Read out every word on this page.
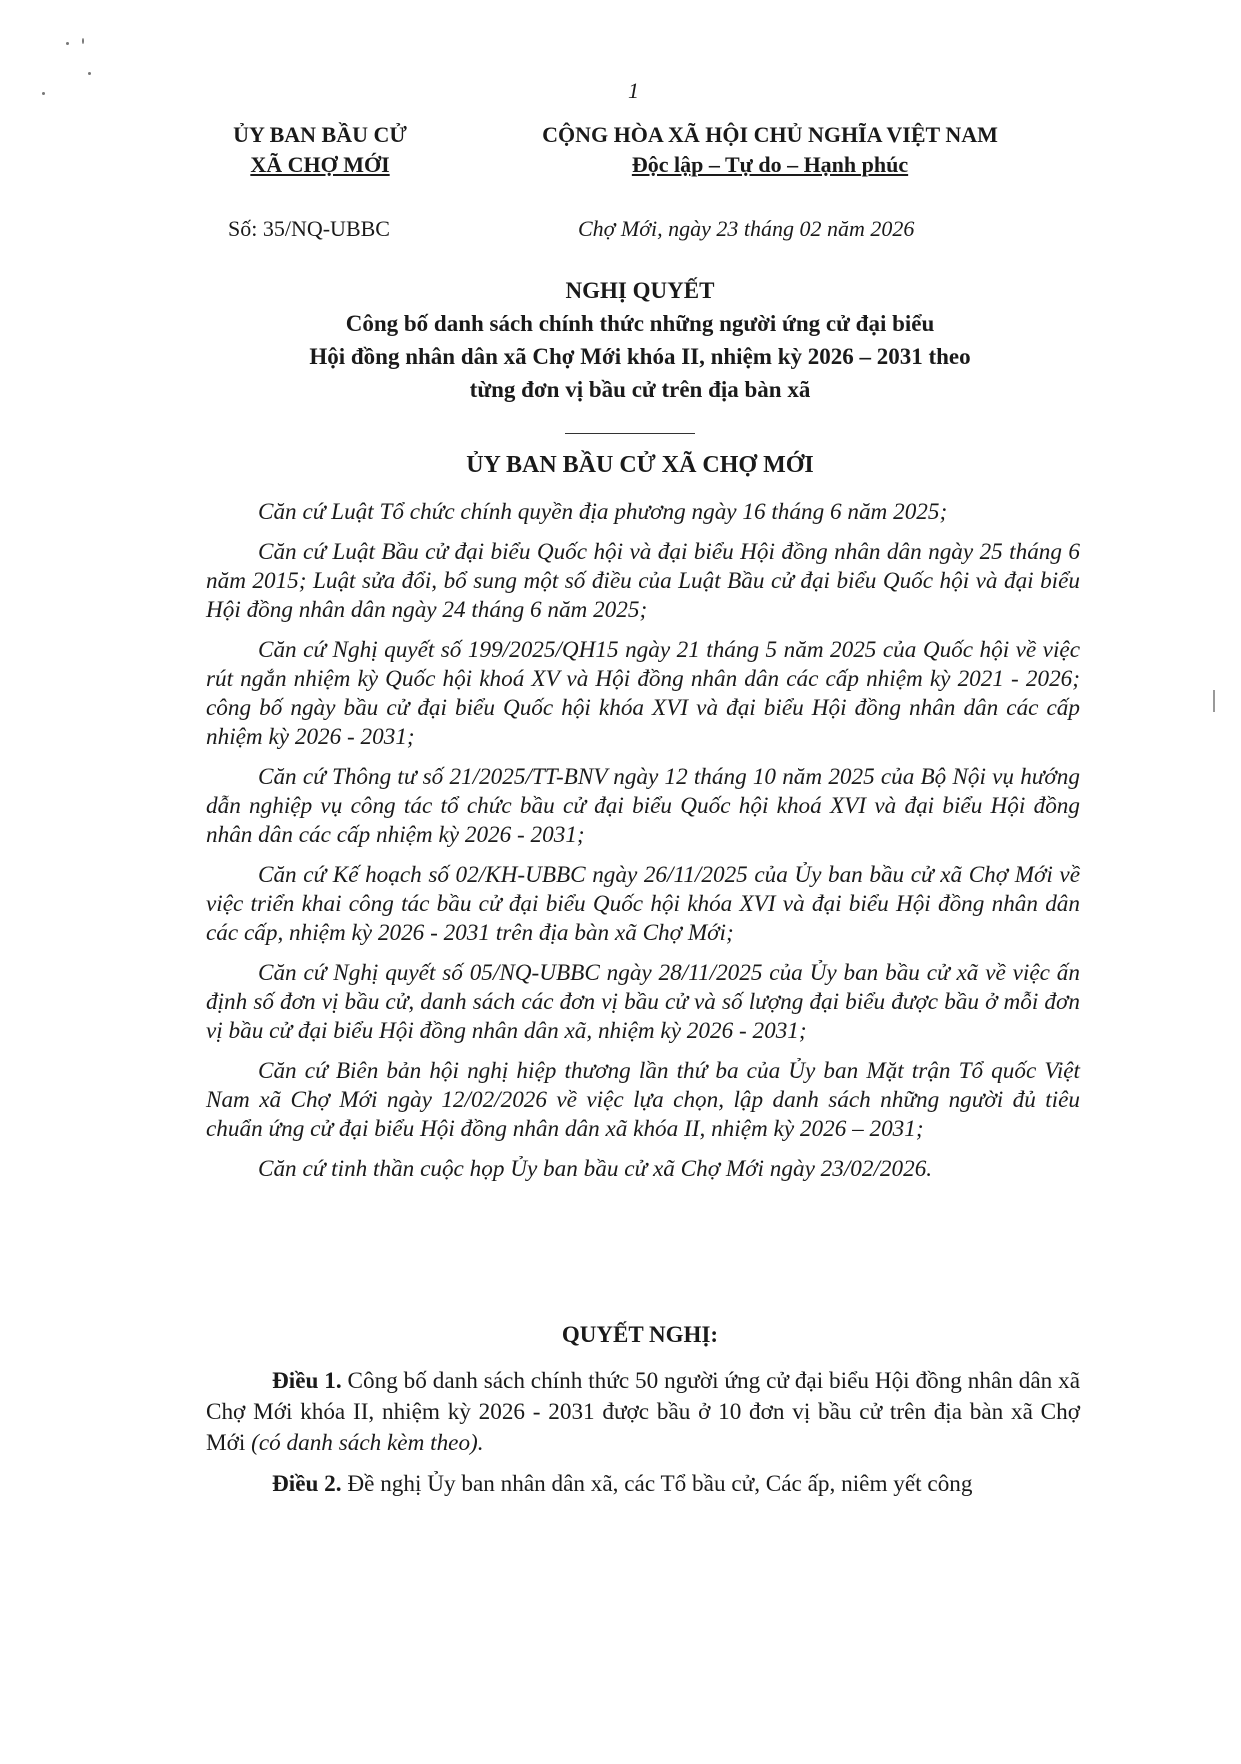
1
ỦY BAN BẦU CỬ
XÃ CHỢ MỚI
CỘNG HÒA XÃ HỘI CHỦ NGHĨA VIỆT NAM
Độc lập – Tự do – Hạnh phúc
Số: 35/NQ-UBBC	Chợ Mới, ngày 23 tháng 02 năm 2026
NGHỊ QUYẾT
Công bố danh sách chính thức những người ứng cử đại biểu
Hội đồng nhân dân xã Chợ Mới khóa II, nhiệm kỳ 2026 – 2031 theo
từng đơn vị bầu cử trên địa bàn xã
ỦY BAN BẦU CỬ XÃ CHỢ MỚI

Căn cứ Luật Tổ chức chính quyền địa phương ngày 16 tháng 6 năm 2025;

Căn cứ Luật Bầu cử đại biểu Quốc hội và đại biểu Hội đồng nhân dân ngày 25 tháng 6 năm 2015; Luật sửa đổi, bổ sung một số điều của Luật Bầu cử đại biểu Quốc hội và đại biểu Hội đồng nhân dân ngày 24 tháng 6 năm 2025;

Căn cứ Nghị quyết số 199/2025/QH15 ngày 21 tháng 5 năm 2025 của Quốc hội về việc rút ngắn nhiệm kỳ Quốc hội khoá XV và Hội đồng nhân dân các cấp nhiệm kỳ 2021 - 2026; công bố ngày bầu cử đại biểu Quốc hội khóa XVI và đại biểu Hội đồng nhân dân các cấp nhiệm kỳ 2026 - 2031;

Căn cứ Thông tư số 21/2025/TT-BNV ngày 12 tháng 10 năm 2025 của Bộ Nội vụ hướng dẫn nghiệp vụ công tác tổ chức bầu cử đại biểu Quốc hội khoá XVI và đại biểu Hội đồng nhân dân các cấp nhiệm kỳ 2026 - 2031;

Căn cứ Kế hoạch số 02/KH-UBBC ngày 26/11/2025 của Ủy ban bầu cử xã Chợ Mới về việc triển khai công tác bầu cử đại biểu Quốc hội khóa XVI và đại biểu Hội đồng nhân dân các cấp, nhiệm kỳ 2026 - 2031 trên địa bàn xã Chợ Mới;

Căn cứ Nghị quyết số 05/NQ-UBBC ngày 28/11/2025 của Ủy ban bầu cử xã về việc ấn định số đơn vị bầu cử, danh sách các đơn vị bầu cử và số lượng đại biểu được bầu ở mỗi đơn vị bầu cử đại biểu Hội đồng nhân dân xã, nhiệm kỳ 2026 - 2031;

Căn cứ Biên bản hội nghị hiệp thương lần thứ ba của Ủy ban Mặt trận Tổ quốc Việt Nam xã Chợ Mới ngày 12/02/2026 về việc lựa chọn, lập danh sách những người đủ tiêu chuẩn ứng cử đại biểu Hội đồng nhân dân xã khóa II, nhiệm kỳ 2026 – 2031;

Căn cứ tinh thần cuộc họp Ủy ban bầu cử xã Chợ Mới ngày 23/02/2026.

QUYẾT NGHỊ:

Điều 1. Công bố danh sách chính thức 50 người ứng cử đại biểu Hội đồng nhân dân xã Chợ Mới khóa II, nhiệm kỳ 2026 - 2031 được bầu ở 10 đơn vị bầu cử trên địa bàn xã Chợ Mới (có danh sách kèm theo).

Điều 2. Đề nghị Ủy ban nhân dân xã, các Tổ bầu cử, Các ấp, niêm yết công
